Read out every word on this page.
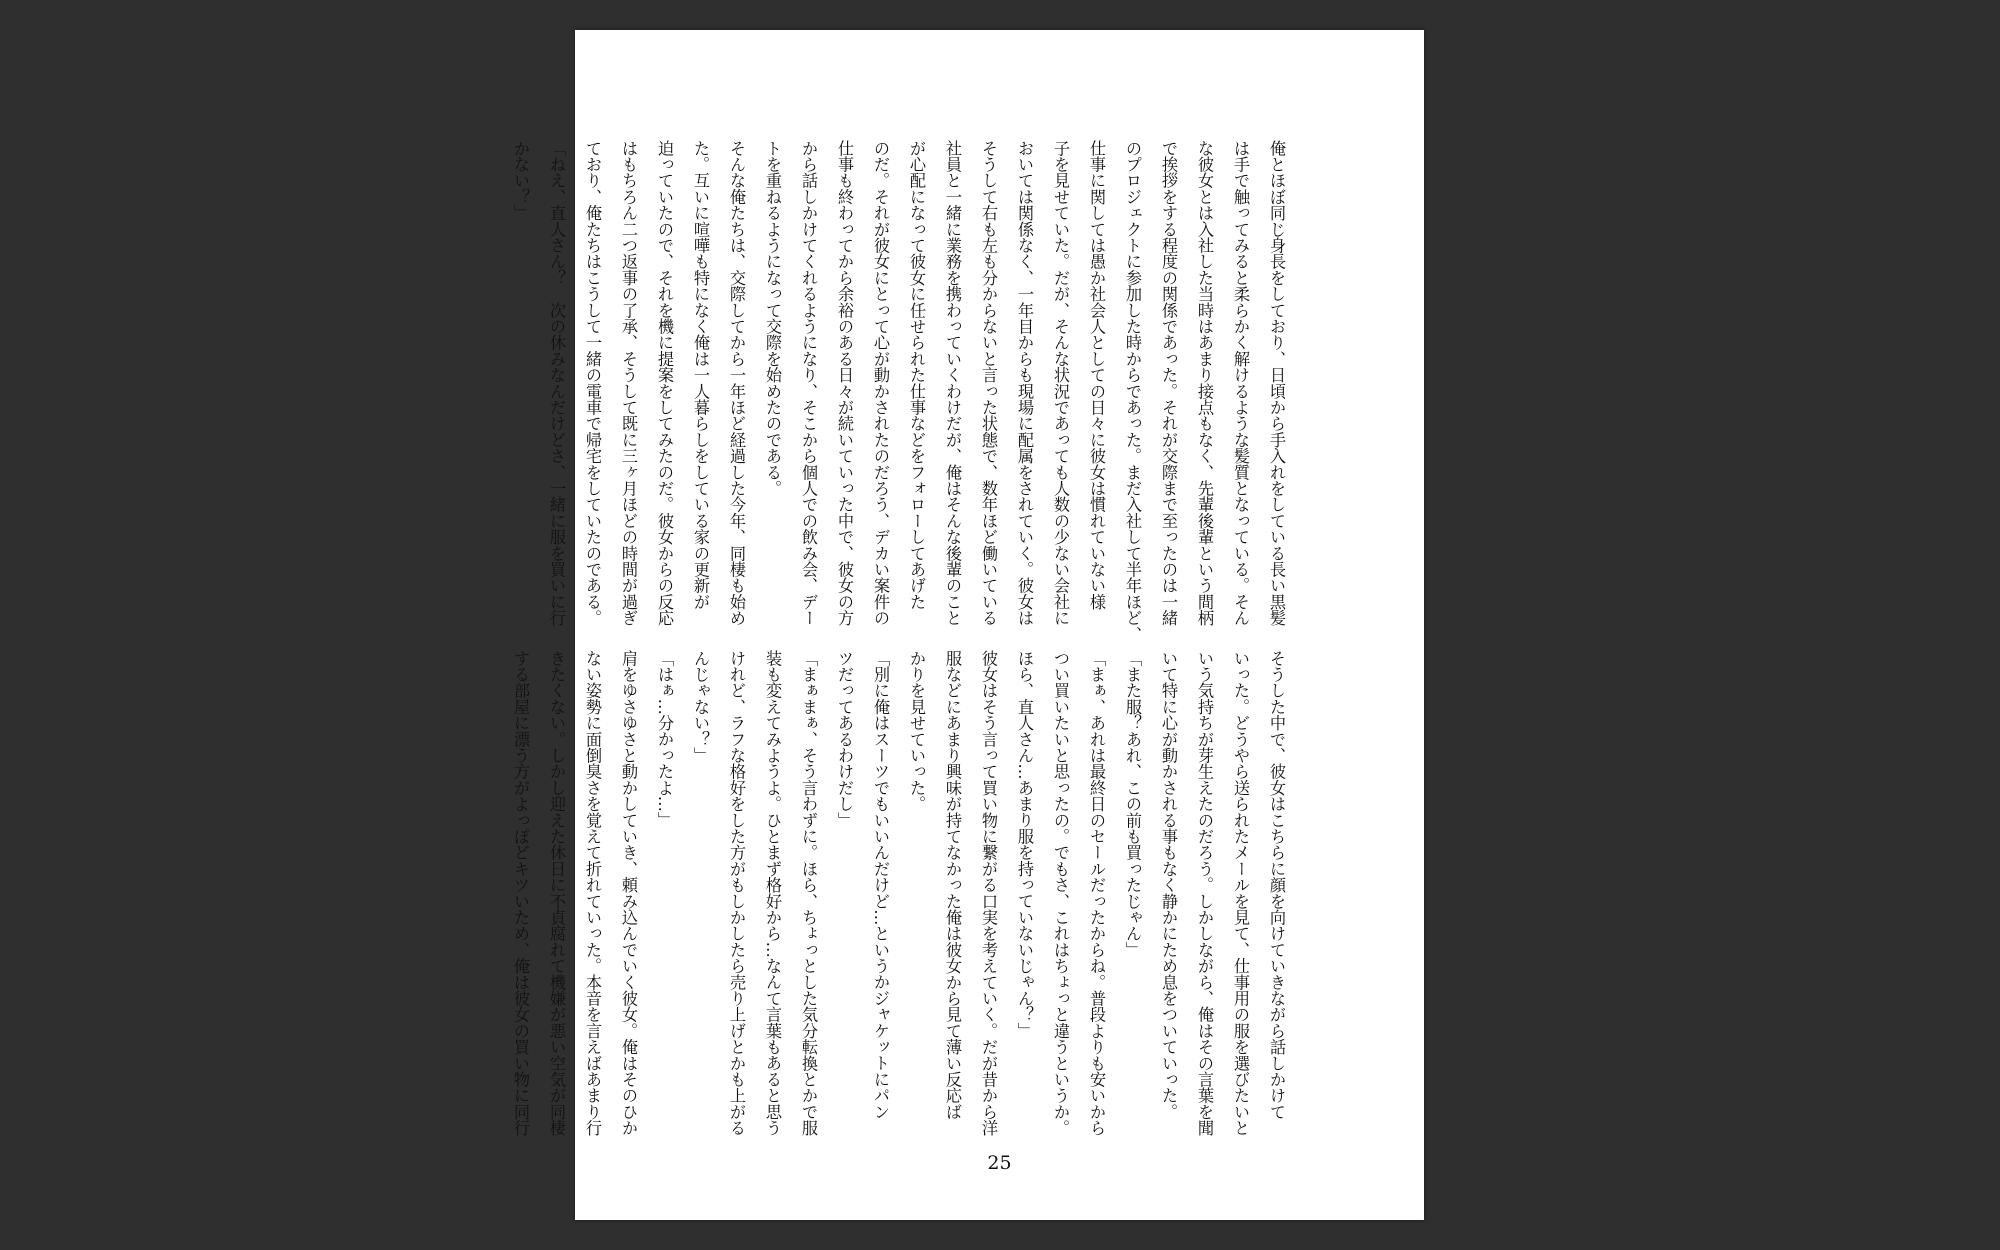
俺とほぼ同じ身長をしており、日頃から手入れをしている長い黒髪
は手で触ってみると柔らかく解けるような髪質となっている。そん
な彼女とは入社した当時はあまり接点もなく、先輩後輩という間柄
で挨拶をする程度の関係であった。それが交際まで至ったのは一緒
のプロジェクトに参加した時からであった。まだ入社して半年ほど、
仕事に関しては愚か社会人としての日々に彼女は慣れていない様
子を見せていた。だが、そんな状況であっても人数の少ない会社に
おいては関係なく、一年目からも現場に配属をされていく。彼女は
そうして右も左も分からないと言った状態で、数年ほど働いている
社員と一緒に業務を携わっていくわけだが、俺はそんな後輩のこと
が心配になって彼女に任せられた仕事などをフォローしてあげた
のだ。それが彼女にとって心が動かされたのだろう、デカい案件の
仕事も終わってから余裕のある日々が続いていった中で、彼女の方
から話しかけてくれるようになり、そこから個人での飲み会、デー
トを重ねるようになって交際を始めたのである。
そんな俺たちは、交際してから一年ほど経過した今年、同棲も始め
た。互いに喧嘩も特になく俺は一人暮らしをしている家の更新が
迫っていたので、それを機に提案をしてみたのだ。彼女からの反応
はもちろん二つ返事の了承、そうして既に三ヶ月ほどの時間が過ぎ
ており、俺たちはこうして一緒の電車で帰宅をしていたのである。
「ねえ、直人さん？　次の休みなんだけどさ、一緒に服を買いに行
かない？」
そうした中で、彼女はこちらに顔を向けていきながら話しかけて
いった。どうやら送られたメールを見て、仕事用の服を選びたいと
いう気持ちが芽生えたのだろう。しかしながら、俺はその言葉を聞
いて特に心が動かされる事もなく静かにため息をついていった。
「また服？あれ、この前も買ったじゃん」
「まぁ、あれは最終日のセールだったからね。普段よりも安いから
つい買いたいと思ったの。でもさ、これはちょっと違うというか。
ほら、直人さん…あまり服を持っていないじゃん？」
彼女はそう言って買い物に繋がる口実を考えていく。だが昔から洋
服などにあまり興味が持てなかった俺は彼女から見て薄い反応ば
かりを見せていった。
「別に俺はスーツでもいいんだけど…というかジャケットにパン
ツだってあるわけだし」
「まぁまぁ、そう言わずに。ほら、ちょっとした気分転換とかで服
装も変えてみようよ。ひとまず格好から…なんて言葉もあると思う
けれど、ラフな格好をした方がもしかしたら売り上げとかも上がる
んじゃない？」
「はぁ…分かったよ…」
肩をゆさゆさと動かしていき、頼み込んでいく彼女。俺はそのひか
ない姿勢に面倒臭さを覚えて折れていった。本音を言えばあまり行
きたくない。しかし迎えた休日に不貞腐れて機嫌が悪い空気が同棲
する部屋に漂う方がよっぽどキツいため、俺は彼女の買い物に同行
25
